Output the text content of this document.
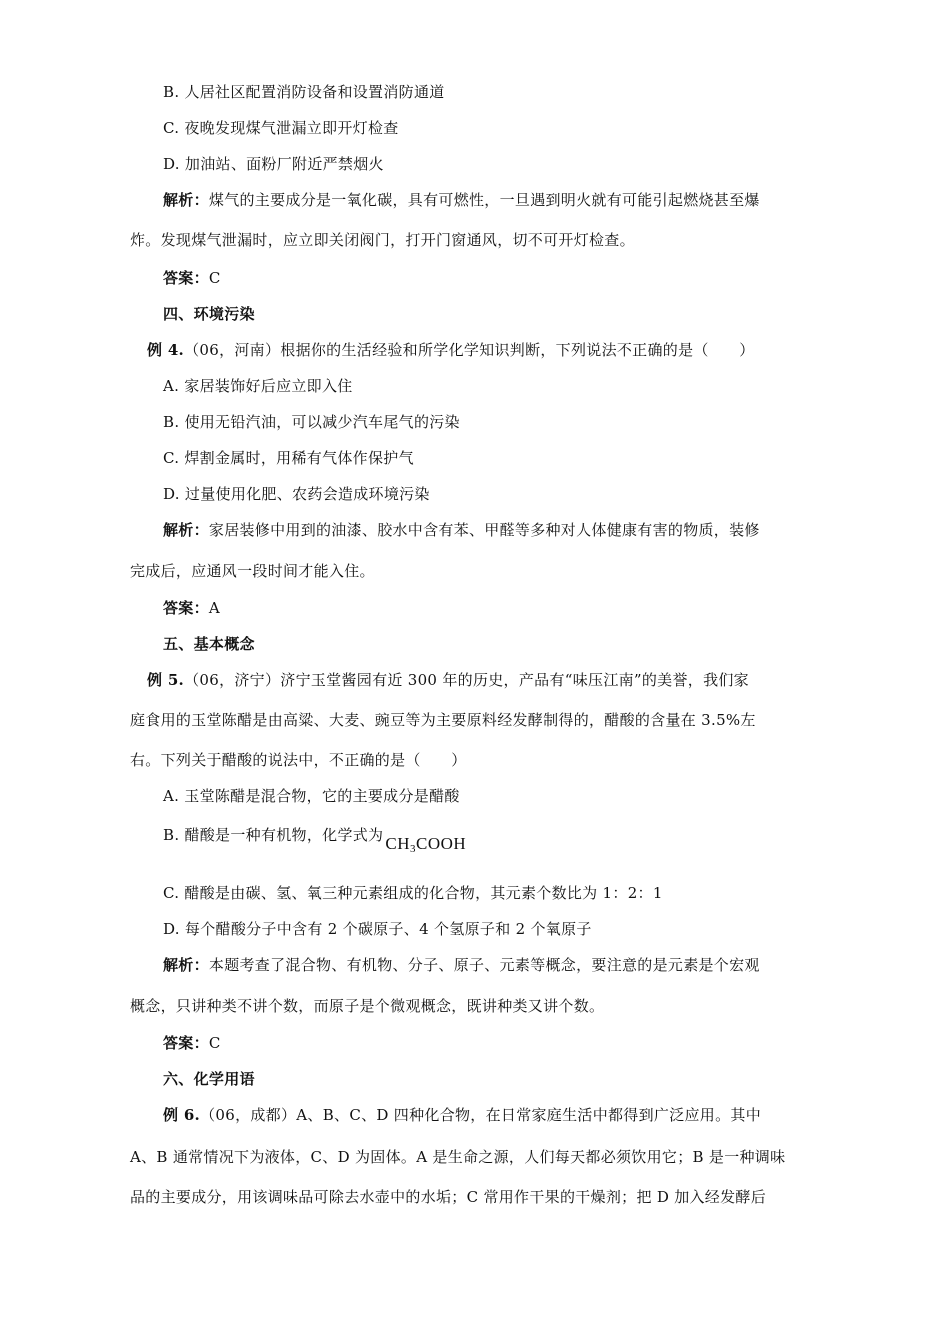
B. 人居社区配置消防设备和设置消防通道
C. 夜晚发现煤气泄漏立即开灯检查
D. 加油站、面粉厂附近严禁烟火
解析：煤气的主要成分是一氧化碳，具有可燃性，一旦遇到明火就有可能引起燃烧甚至爆
炸。发现煤气泄漏时，应立即关闭阀门，打开门窗通风，切不可开灯检查。
答案：C
四、环境污染
例 4.（06，河南）根据你的生活经验和所学化学知识判断，下列说法不正确的是（　　）
A. 家居装饰好后应立即入住
B. 使用无铅汽油，可以减少汽车尾气的污染
C. 焊割金属时，用稀有气体作保护气
D. 过量使用化肥、农药会造成环境污染
解析：家居装修中用到的油漆、胶水中含有苯、甲醛等多种对人体健康有害的物质，装修
完成后，应通风一段时间才能入住。
答案：A
五、基本概念
例 5.（06，济宁）济宁玉堂酱园有近 300 年的历史，产品有“味压江南”的美誉，我们家
庭食用的玉堂陈醋是由高粱、大麦、豌豆等为主要原料经发酵制得的，醋酸的含量在 3.5%左
右。下列关于醋酸的说法中，不正确的是（　　）
A. 玉堂陈醋是混合物，它的主要成分是醋酸
B. 醋酸是一种有机物，化学式为 $CH_3COOH$
C. 醋酸是由碳、氢、氧三种元素组成的化合物，其元素个数比为 1：2：1
D. 每个醋酸分子中含有 2 个碳原子、4 个氢原子和 2 个氧原子
解析：本题考查了混合物、有机物、分子、原子、元素等概念，要注意的是元素是个宏观
概念，只讲种类不讲个数，而原子是个微观概念，既讲种类又讲个数。
答案：C
六、化学用语
例 6.（06，成都）A、B、C、D 四种化合物，在日常家庭生活中都得到广泛应用。其中
A、B 通常情况下为液体，C、D 为固体。A 是生命之源，人们每天都必须饮用它；B 是一种调味
品的主要成分，用该调味品可除去水壶中的水垢；C 常用作干果的干燥剂；把 D 加入经发酵后
